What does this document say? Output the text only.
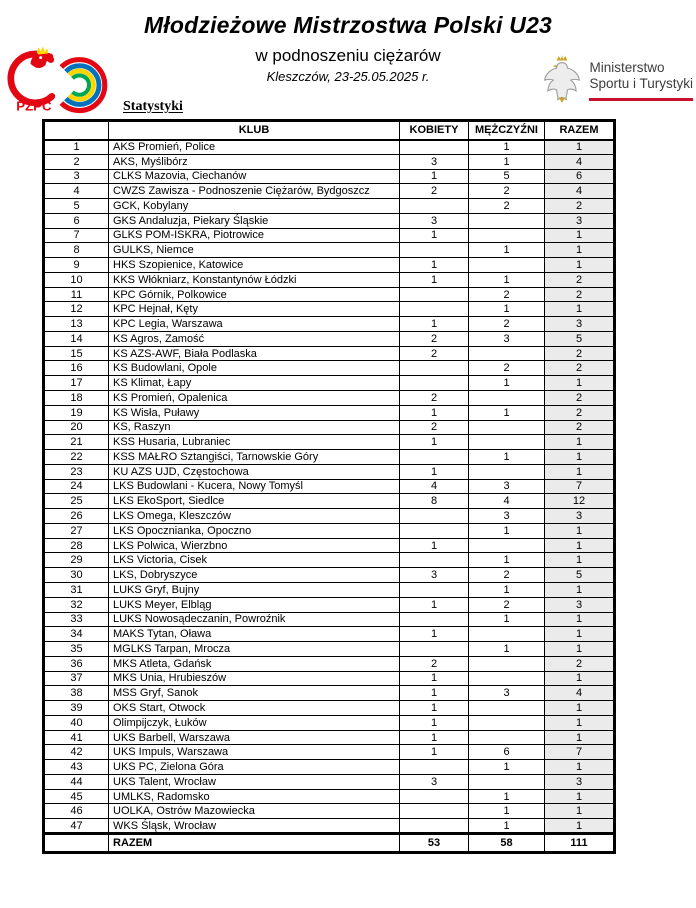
Młodzieżowe Mistrzostwa Polski U23
w podnoszeniu ciężarów
Kleszczów, 23-25.05.2025 r.
PZPC
Ministerstwo
Sportu i Turystyki
Statystyki
	KLUB	KOBIETY	MĘŻCZYŹNI	RAZEM
1	AKS Promień, Police		1	1
2	AKS, Myślibórz	3	1	4
3	CLKS Mazovia, Ciechanów	1	5	6
4	CWZS Zawisza - Podnoszenie Ciężarów, Bydgoszcz	2	2	4
5	GCK, Kobylany		2	2
6	GKS Andaluzja, Piekary Śląskie	3		3
7	GLKS POM-ISKRA, Piotrowice	1		1
8	GULKS, Niemce		1	1
9	HKS Szopienice, Katowice	1		1
10	KKS Włókniarz, Konstantynów Łódzki	1	1	2
11	KPC Górnik, Polkowice		2	2
12	KPC Hejnał, Kęty		1	1
13	KPC Legia, Warszawa	1	2	3
14	KS Agros, Zamość	2	3	5
15	KS AZS-AWF, Biała Podlaska	2		2
16	KS Budowlani, Opole		2	2
17	KS Klimat, Łapy		1	1
18	KS Promień, Opalenica	2		2
19	KS Wisła, Puławy	1	1	2
20	KS, Raszyn	2		2
21	KSS Husaria, Lubraniec	1		1
22	KSS MAŁRO Sztangiści, Tarnowskie Góry		1	1
23	KU AZS UJD, Częstochowa	1		1
24	LKS Budowlani - Kucera, Nowy Tomyśl	4	3	7
25	LKS EkoSport, Siedlce	8	4	12
26	LKS Omega, Kleszczów		3	3
27	LKS Opocznianka, Opoczno		1	1
28	LKS Polwica, Wierzbno	1		1
29	LKS Victoria, Cisek		1	1
30	LKS, Dobryszyce	3	2	5
31	LUKS Gryf, Bujny		1	1
32	LUKS Meyer, Elbląg	1	2	3
33	LUKS Nowosądeczanin, Powroźnik		1	1
34	MAKS Tytan, Oława	1		1
35	MGLKS Tarpan, Mrocza		1	1
36	MKS Atleta, Gdańsk	2		2
37	MKS Unia, Hrubieszów	1		1
38	MSS Gryf, Sanok	1	3	4
39	OKS Start, Otwock	1		1
40	Olimpijczyk, Łuków	1		1
41	UKS Barbell, Warszawa	1		1
42	UKS Impuls, Warszawa	1	6	7
43	UKS PC, Zielona Góra		1	1
44	UKS Talent, Wrocław	3		3
45	UMLKS, Radomsko		1	1
46	UOLKA, Ostrów Mazowiecka		1	1
47	WKS Śląsk, Wrocław		1	1
	RAZEM	53	58	111
